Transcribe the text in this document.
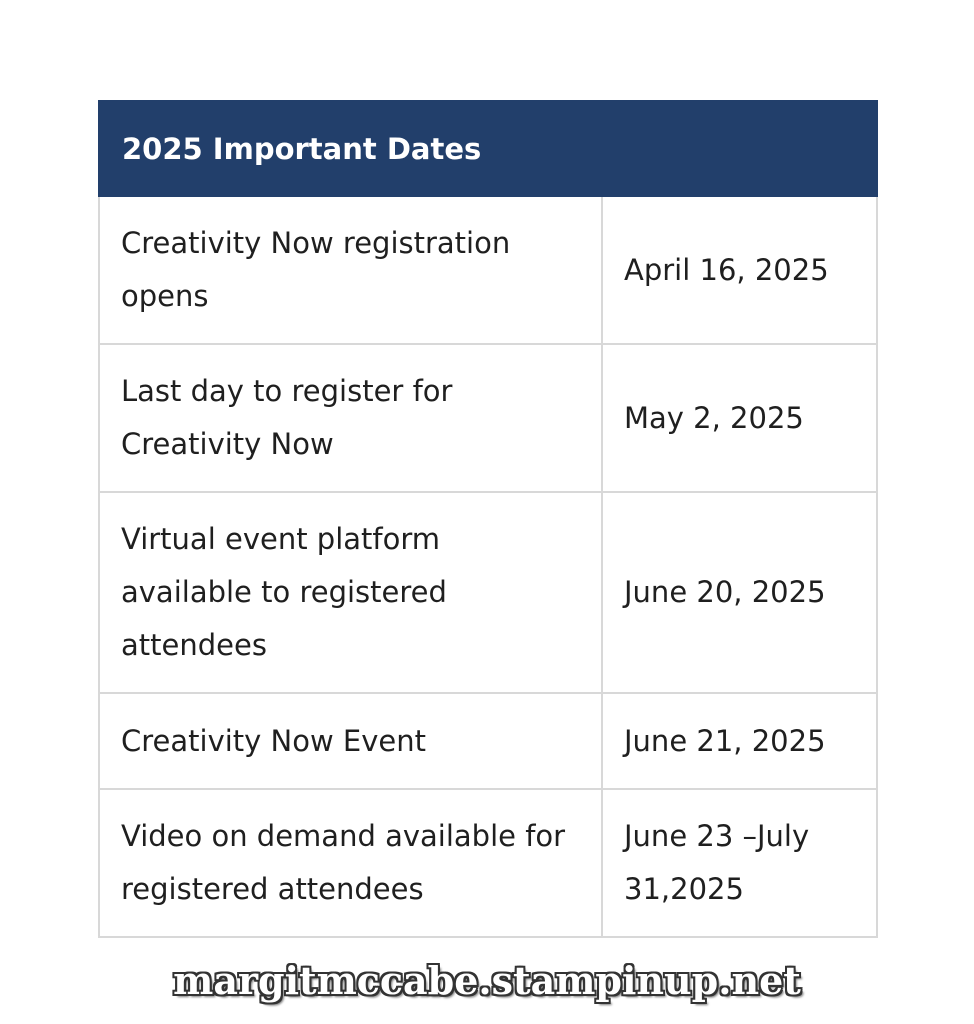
2025 Important Dates	
Creativity Now registration opens	April 16, 2025
Last day to register for Creativity Now	May 2, 2025
Virtual event platform available to registered attendees	June 20, 2025
Creativity Now Event	June 21, 2025
Video on demand available for registered attendees	June 23 –July 31,2025
margitmccabe.stampinup.net
